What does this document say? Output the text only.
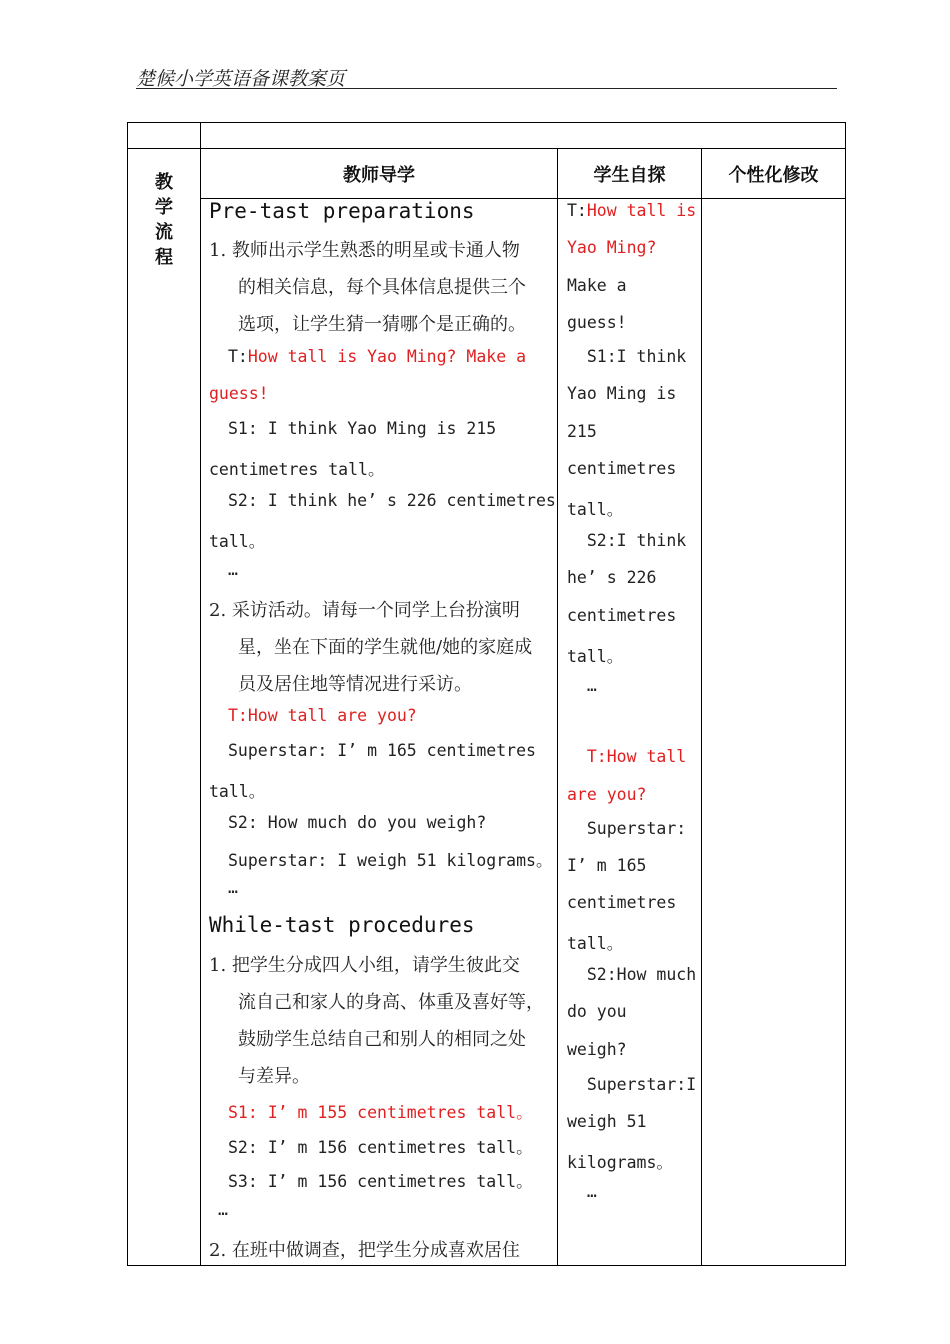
楚候小学英语备课教案页
教
学
流
程
教师导学	学生自探	个性化修改
Pre-tast preparations
1. 教师出示学生熟悉的明星或卡通人物
的相关信息，每个具体信息提供三个
选项，让学生猜一猜哪个是正确的。
T:How tall is Yao Ming? Make a
guess!
S1: I think Yao Ming is 215
centimetres tall。
S2: I think he’ s 226 centimetres
tall。
…
2. 采访活动。请每一个同学上台扮演明
星，坐在下面的学生就他/她的家庭成
员及居住地等情况进行采访。
T:How tall are you?
Superstar: I’ m 165 centimetres
tall。
S2: How much do you weigh?
Superstar: I weigh 51 kilograms。
…
While-tast procedures
1. 把学生分成四人小组，请学生彼此交
流自己和家人的身高、体重及喜好等，
鼓励学生总结自己和别人的相同之处
与差异。
S1: I’ m 155 centimetres tall。
S2: I’ m 156 centimetres tall。
S3: I’ m 156 centimetres tall。
…
2. 在班中做调查，把学生分成喜欢居住
T:How tall is
Yao Ming?
Make a
guess!
S1:I think
Yao Ming is
215
centimetres
tall。
S2:I think
he’ s 226
centimetres
tall。
…
T:How tall
are you?
Superstar:
I’ m 165
centimetres
tall。
S2:How much
do you
weigh?
Superstar:I
weigh 51
kilograms。
…
